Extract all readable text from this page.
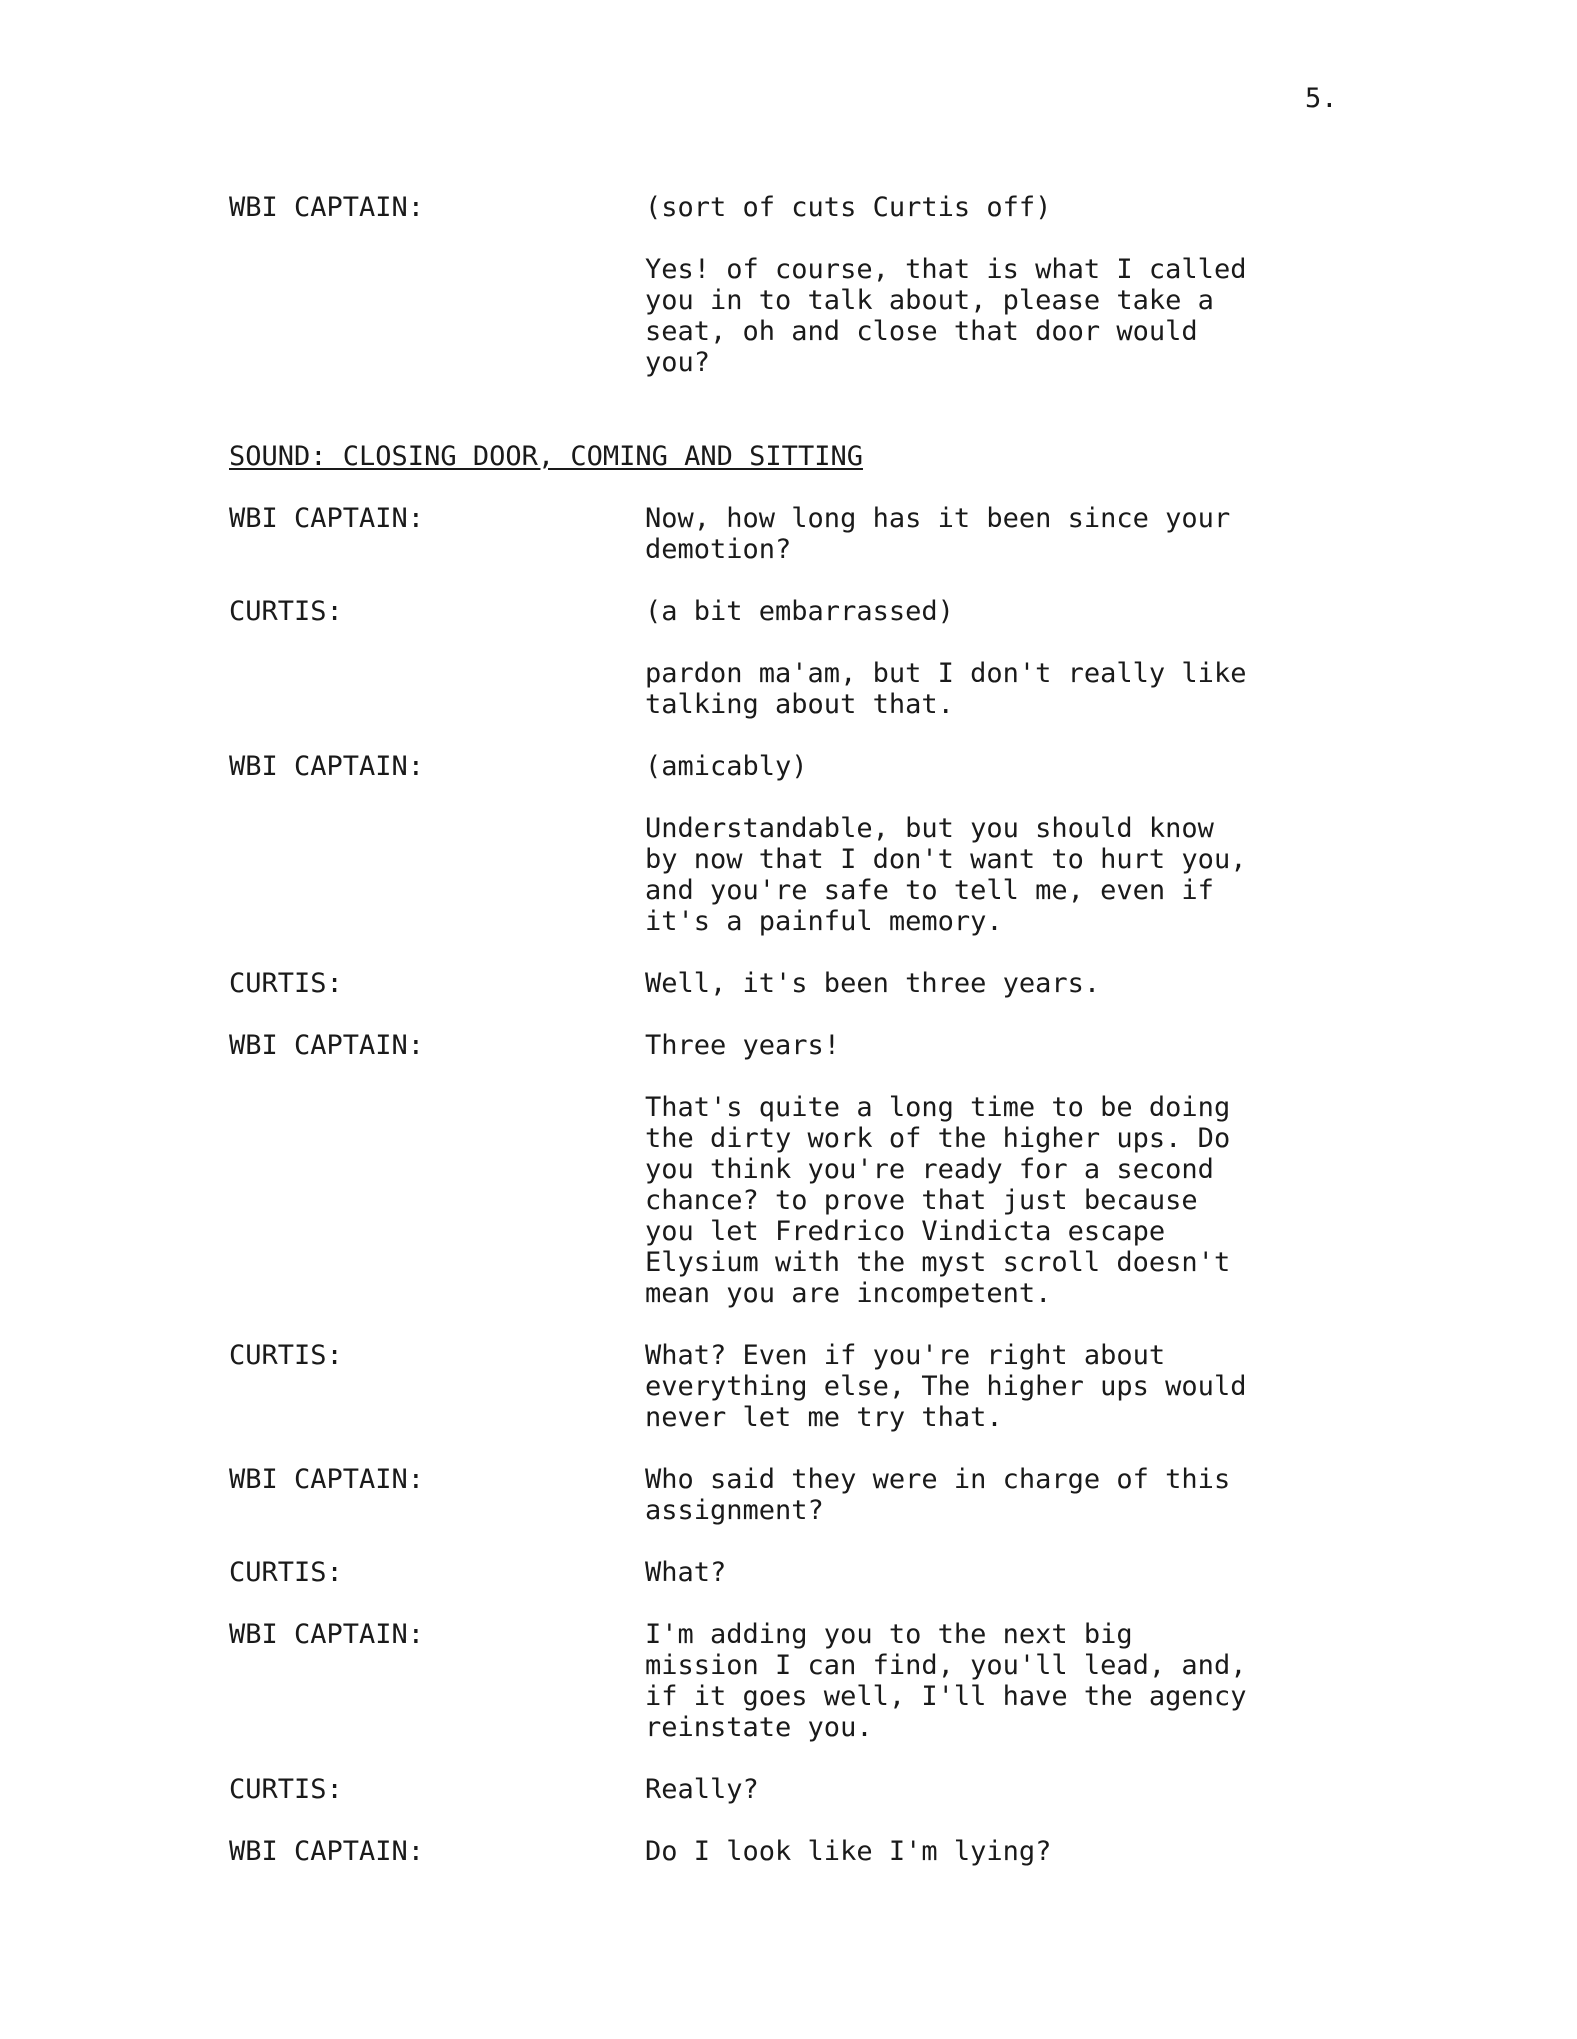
5.
WBI CAPTAIN:	(sort of cuts Curtis off)
Yes! of course, that is what I called
you in to talk about, please take a
seat, oh and close that door would
you?
SOUND: CLOSING DOOR, COMING AND SITTING
WBI CAPTAIN:	Now, how long has it been since your
demotion?
CURTIS:	(a bit embarrassed)
pardon ma'am, but I don't really like
talking about that.
WBI CAPTAIN:	(amicably)
Understandable, but you should know
by now that I don't want to hurt you,
and you're safe to tell me, even if
it's a painful memory.
CURTIS:	Well, it's been three years.
WBI CAPTAIN:	Three years!
That's quite a long time to be doing
the dirty work of the higher ups. Do
you think you're ready for a second
chance? to prove that just because
you let Fredrico Vindicta escape
Elysium with the myst scroll doesn't
mean you are incompetent.
CURTIS:	What? Even if you're right about
everything else, The higher ups would
never let me try that.
WBI CAPTAIN:	Who said they were in charge of this
assignment?
CURTIS:	What?
WBI CAPTAIN:	I'm adding you to the next big
mission I can find, you'll lead, and,
if it goes well, I'll have the agency
reinstate you.
CURTIS:	Really?
WBI CAPTAIN:	Do I look like I'm lying?
